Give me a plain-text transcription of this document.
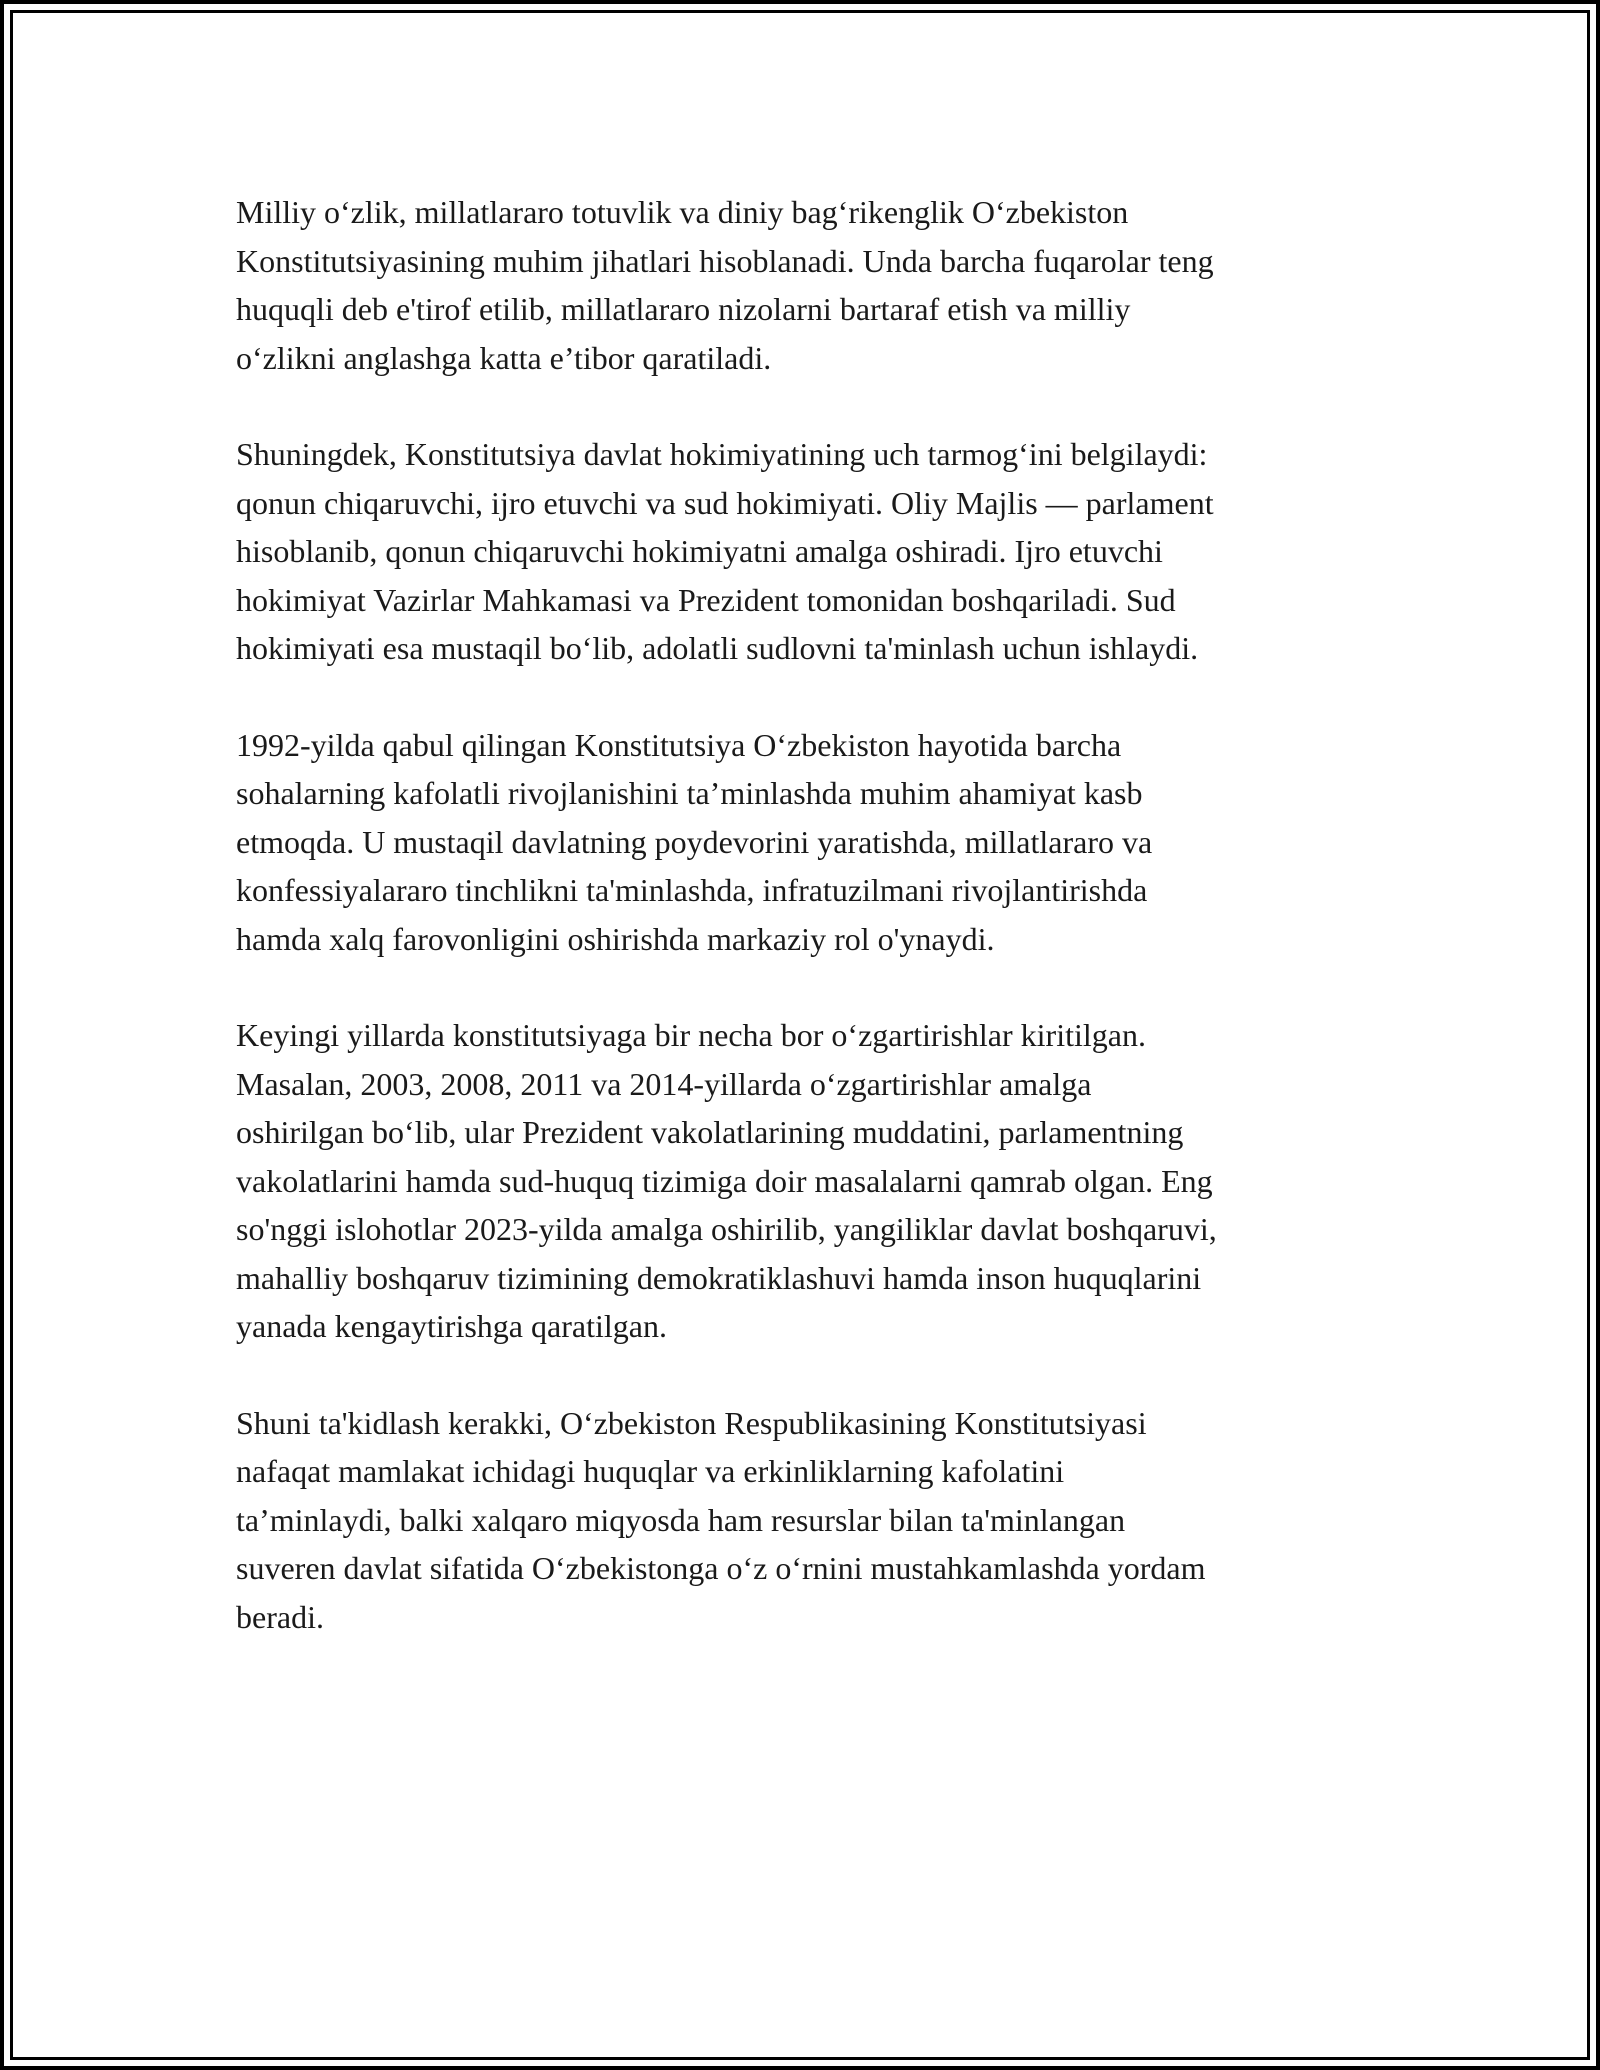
Milliy o‘zlik, millatlararo totuvlik va diniy bag‘rikenglik O‘zbekiston
Konstitutsiyasining muhim jihatlari hisoblanadi. Unda barcha fuqarolar teng
huquqli deb e'tirof etilib, millatlararo nizolarni bartaraf etish va milliy
o‘zlikni anglashga katta e’tibor qaratiladi.

Shuningdek, Konstitutsiya davlat hokimiyatining uch tarmog‘ini belgilaydi:
qonun chiqaruvchi, ijro etuvchi va sud hokimiyati. Oliy Majlis — parlament
hisoblanib, qonun chiqaruvchi hokimiyatni amalga oshiradi. Ijro etuvchi
hokimiyat Vazirlar Mahkamasi va Prezident tomonidan boshqariladi. Sud
hokimiyati esa mustaqil bo‘lib, adolatli sudlovni ta'minlash uchun ishlaydi.

1992-yilda qabul qilingan Konstitutsiya O‘zbekiston hayotida barcha
sohalarning kafolatli rivojlanishini ta’minlashda muhim ahamiyat kasb
etmoqda. U mustaqil davlatning poydevorini yaratishda, millatlararo va
konfessiyalararo tinchlikni ta'minlashda, infratuzilmani rivojlantirishda
hamda xalq farovonligini oshirishda markaziy rol o'ynaydi.

Keyingi yillarda konstitutsiyaga bir necha bor o‘zgartirishlar kiritilgan.
Masalan, 2003, 2008, 2011 va 2014-yillarda o‘zgartirishlar amalga
oshirilgan bo‘lib, ular Prezident vakolatlarining muddatini, parlamentning
vakolatlarini hamda sud-huquq tizimiga doir masalalarni qamrab olgan. Eng
so'nggi islohotlar 2023-yilda amalga oshirilib, yangiliklar davlat boshqaruvi,
mahalliy boshqaruv tizimining demokratiklashuvi hamda inson huquqlarini
yanada kengaytirishga qaratilgan.

Shuni ta'kidlash kerakki, O‘zbekiston Respublikasining Konstitutsiyasi
nafaqat mamlakat ichidagi huquqlar va erkinliklarning kafolatini
ta’minlaydi, balki xalqaro miqyosda ham resurslar bilan ta'minlangan
suveren davlat sifatida O‘zbekistonga o‘z o‘rnini mustahkamlashda yordam
beradi.
